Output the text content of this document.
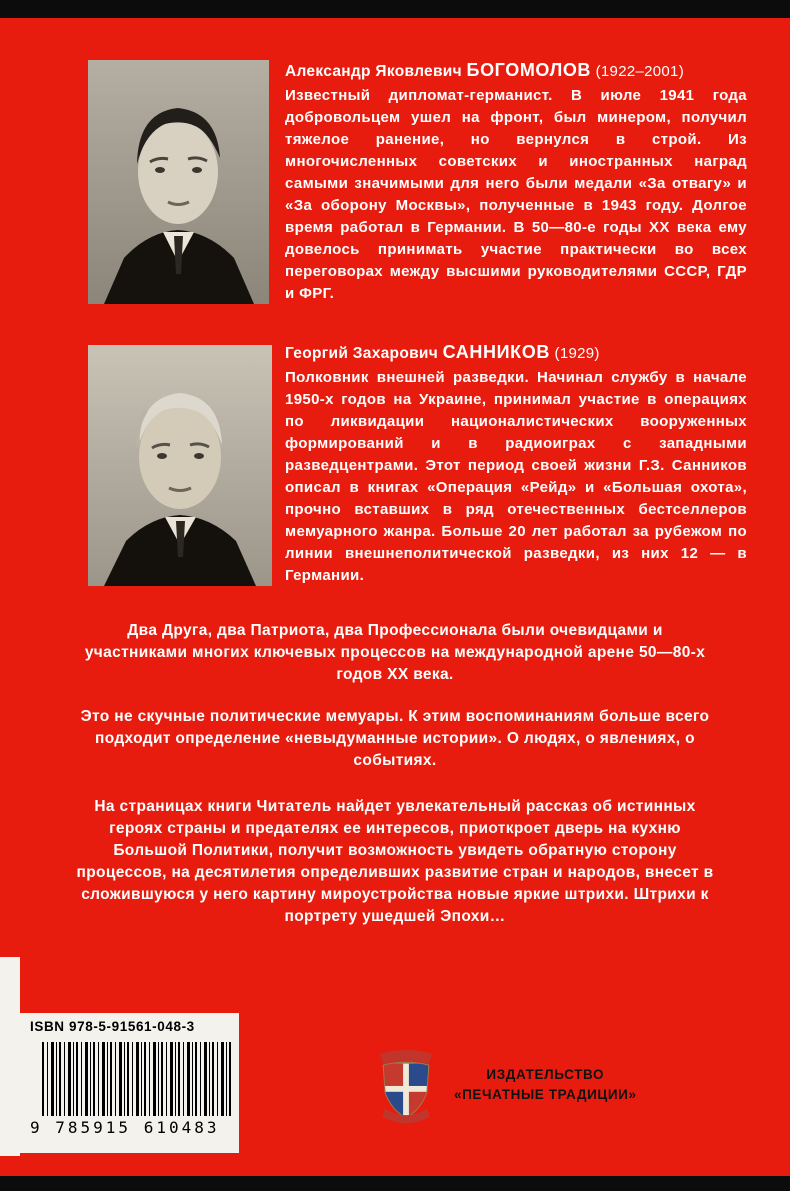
Александр Яковлевич БОГОМОЛОВ (1922–2001)
Известный дипломат-германист. В июле 1941 года добровольцем ушел на фронт, был минером, получил тяжелое ранение, но вернулся в строй. Из многочисленных советских и иностранных наград самыми значимыми для него были медали «За отвагу» и «За оборону Москвы», полученные в 1943 году. Долгое время работал в Германии. В 50—80-е годы XX века ему довелось принимать участие практически во всех переговорах между высшими руководителями СССР, ГДР и ФРГ.
Георгий Захарович САННИКОВ (1929)
Полковник внешней разведки. Начинал службу в начале 1950-х годов на Украине, принимал участие в операциях по ликвидации националистических вооруженных формирований и в радиоиграх с западными разведцентрами. Этот период своей жизни Г.З. Санников описал в книгах «Операция «Рейд» и «Большая охота», прочно вставших в ряд отечественных бестселлеров мемуарного жанра. Больше 20 лет работал за рубежом по линии внешнеполитической разведки, из них 12 — в Германии.
Два Друга, два Патриота, два Профессионала были очевидцами и участниками многих ключевых процессов на международной арене 50—80-х годов XX века.
Это не скучные политические мемуары. К этим воспоминаниям больше всего подходит определение «невыдуманные истории». О людях, о явлениях, о событиях.
На страницах книги Читатель найдет увлекательный рассказ об истинных героях страны и предателях ее интересов, приоткроет дверь на кухню Большой Политики, получит возможность увидеть обратную сторону процессов, на десятилетия определивших развитие стран и народов, внесет в сложившуюся у него картину мироустройства новые яркие штрихи. Штрихи к портрету ушедшей Эпохи…
ISBN 978-5-91561-048-3
9 785915 610483
ИЗДАТЕЛЬСТВО
«ПЕЧАТНЫЕ ТРАДИЦИИ»
